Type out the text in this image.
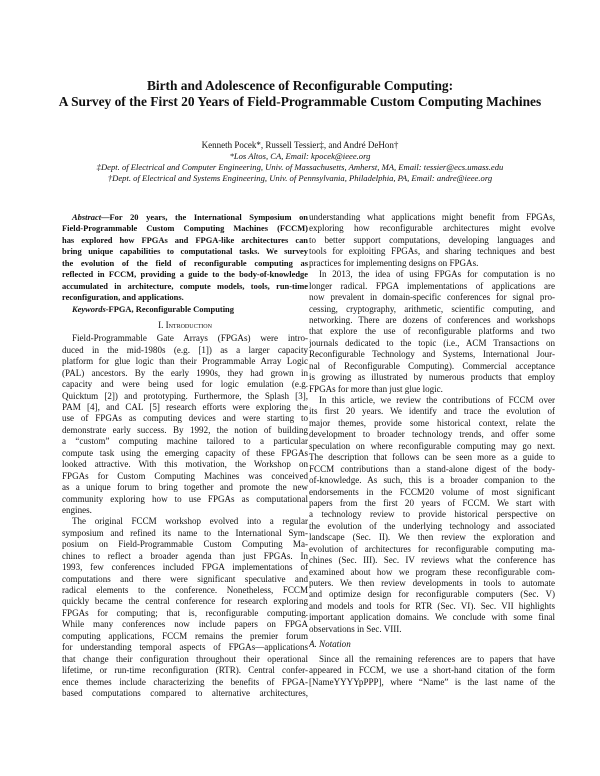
Birth and Adolescence of Reconfigurable Computing:
A Survey of the First 20 Years of Field-Programmable Custom Computing Machines
Kenneth Pocek*, Russell Tessier‡, and André DeHon†
*Los Altos, CA, Email: kpocek@ieee.org
‡Dept. of Electrical and Computer Engineering, Univ. of Massachusetts, Amherst, MA, Email: tessier@ecs.umass.edu
†Dept. of Electrical and Systems Engineering, Univ. of Pennsylvania, Philadelphia, PA, Email: andre@ieee.org
Abstract—For 20 years, the International Symposium on
Field-Programmable Custom Computing Machines (FCCM)
has explored how FPGAs and FPGA-like architectures can
bring unique capabilities to computational tasks. We survey
the evolution of the field of reconfigurable computing as
reflected in FCCM, providing a guide to the body-of-knowledge
accumulated in architecture, compute models, tools, run-time
reconfiguration, and applications.
Keywords-FPGA, Reconfigurable Computing
I. Introduction

Field-Programmable Gate Arrays (FPGAs) were intro-
duced in the mid-1980s (e.g. [1]) as a larger capacity
platform for glue logic than their Programmable Array Logic
(PAL) ancestors. By the early 1990s, they had grown in
capacity and were being used for logic emulation (e.g.
Quicktum [2]) and prototyping. Furthermore, the Splash [3],
PAM [4], and CAL [5] research efforts were exploring the
use of FPGAs as computing devices and were starting to
demonstrate early success. By 1992, the notion of building
a “custom” computing machine tailored to a particular
compute task using the emerging capacity of these FPGAs
looked attractive. With this motivation, the Workshop on
FPGAs for Custom Computing Machines was conceived
as a unique forum to bring together and promote the new
community exploring how to use FPGAs as computational
engines.

The original FCCM workshop evolved into a regular
symposium and refined its name to the International Sym-
posium on Field-Programmable Custom Computing Ma-
chines to reflect a broader agenda than just FPGAs. In
1993, few conferences included FPGA implementations of
computations and there were significant speculative and
radical elements to the conference. Nonetheless, FCCM
quickly became the central conference for research exploring
FPGAs for computing; that is, reconfigurable computing.
While many conferences now include papers on FPGA
computing applications, FCCM remains the premier forum
for understanding temporal aspects of FPGAs—applications
that change their configuration throughout their operational
lifetime, or run-time reconfiguration (RTR). Central confer-
ence themes include characterizing the benefits of FPGA-
based computations compared to alternative architectures,

understanding what applications might benefit from FPGAs,
exploring how reconfigurable architectures might evolve
to better support computations, developing languages and
tools for exploiting FPGAs, and sharing techniques and best
practices for implementing designs on FPGAs.

In 2013, the idea of using FPGAs for computation is no
longer radical. FPGA implementations of applications are
now prevalent in domain-specific conferences for signal pro-
cessing, cryptography, arithmetic, scientific computing, and
networking. There are dozens of conferences and workshops
that explore the use of reconfigurable platforms and two
journals dedicated to the topic (i.e., ACM Transactions on
Reconfigurable Technology and Systems, International Jour-
nal of Reconfigurable Computing). Commercial acceptance
is growing as illustrated by numerous products that employ
FPGAs for more than just glue logic.

In this article, we review the contributions of FCCM over
its first 20 years. We identify and trace the evolution of
major themes, provide some historical context, relate the
development to broader technology trends, and offer some
speculation on where reconfigurable computing may go next.
The description that follows can be seen more as a guide to
FCCM contributions than a stand-alone digest of the body-
of-knowledge. As such, this is a broader companion to the
endorsements in the FCCM20 volume of most significant
papers from the first 20 years of FCCM. We start with
a technology review to provide historical perspective on
the evolution of the underlying technology and associated
landscape (Sec. II). We then review the exploration and
evolution of architectures for reconfigurable computing ma-
chines (Sec. III). Sec. IV reviews what the conference has
examined about how we program these reconfigurable com-
puters. We then review developments in tools to automate
and optimize design for reconfigurable computers (Sec. V)
and models and tools for RTR (Sec. VI). Sec. VII highlights
important application domains. We conclude with some final
observations in Sec. VIII.

A. Notation

Since all the remaining references are to papers that have
appeared in FCCM, we use a short-hand citation of the form
[NameYYYYpPPP], where “Name” is the last name of the
